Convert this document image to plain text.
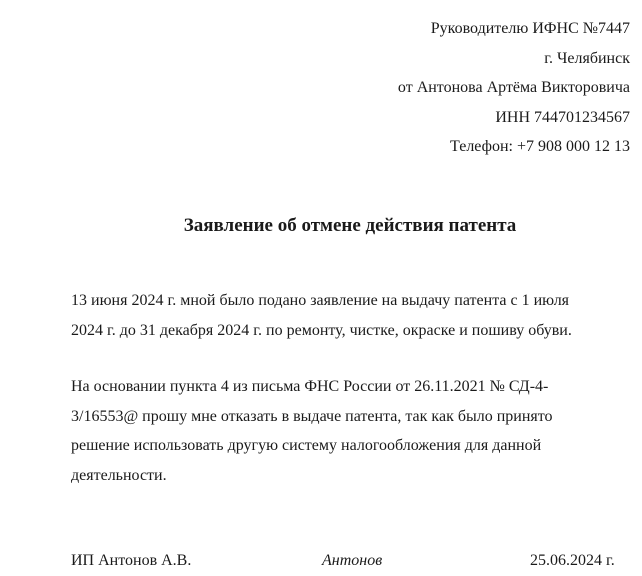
Руководителю ИФНС №7447
г. Челябинск
от Антонова Артёма Викторовича
ИНН 744701234567
Телефон: +7 908 000 12 13
Заявление об отмене действия патента

13 июня 2024 г. мной было подано заявление на выдачу патента с 1 июля
2024 г. до 31 декабря 2024 г. по ремонту, чистке, окраске и пошиву обуви.

На основании пункта 4 из письма ФНС России от 26.11.2021 № СД-4-
3/16553@ прошу мне отказать в выдаче патента, так как было принято
решение использовать другую систему налогообложения для данной
деятельности.

ИП Антонов А.В.	Антонов	25.06.2024 г.
